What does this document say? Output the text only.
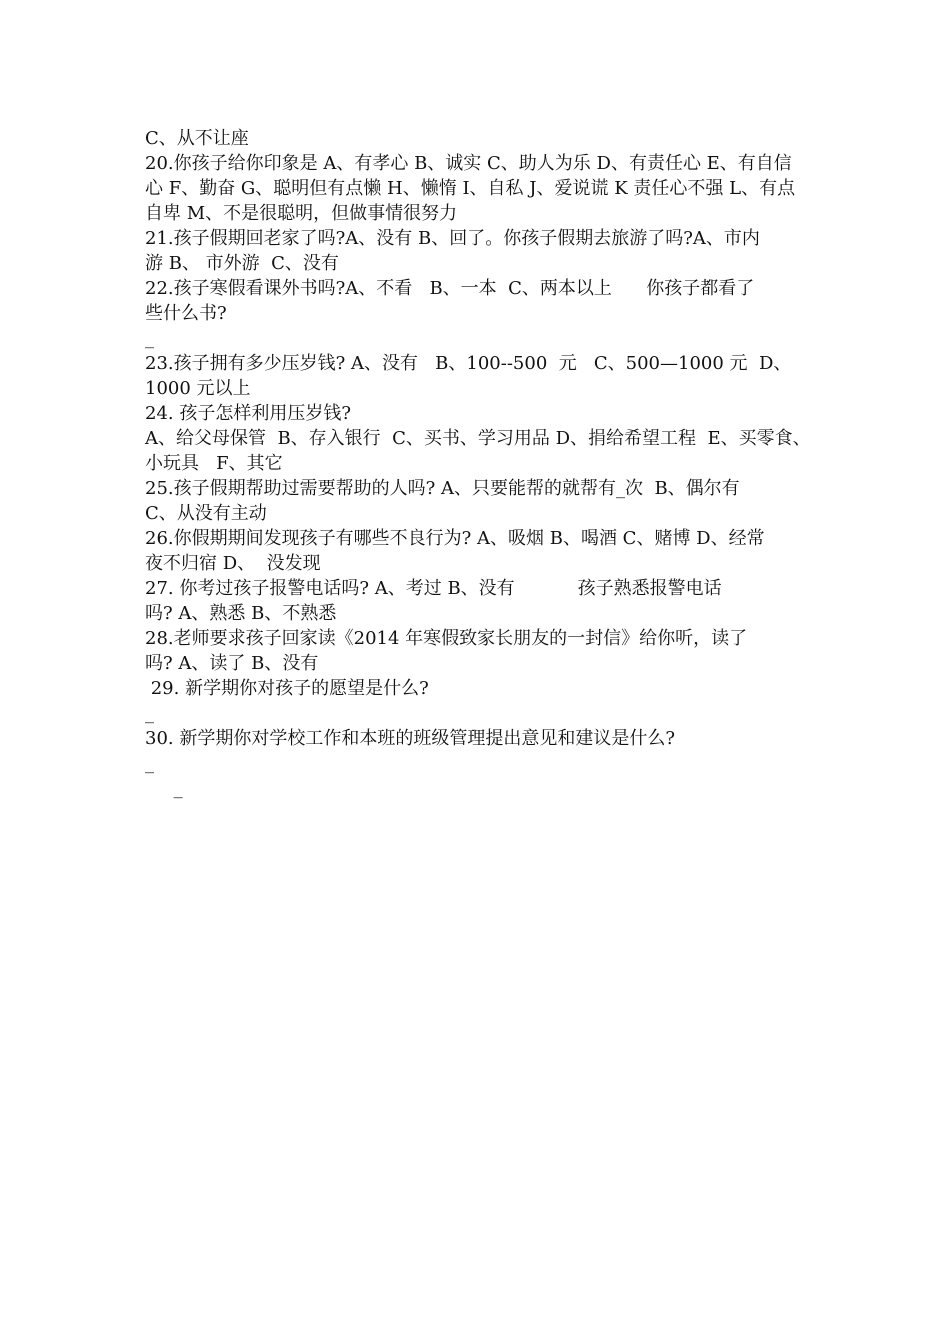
C、从不让座
20.你孩子给你印象是 A、有孝心 B、诚实 C、助人为乐 D、有责任心 E、有自信
心 F、勤奋 G、聪明但有点懒 H、懒惰 I、自私 J、爱说谎 K 责任心不强 L、有点
自卑 M、不是很聪明，但做事情很努力
21.孩子假期回老家了吗?A、没有 B、回了。你孩子假期去旅游了吗?A、市内
游 B、 市外游  C、没有
22.孩子寒假看课外书吗?A、不看   B、一本  C、两本以上      你孩子都看了
些什么书?
_
23.孩子拥有多少压岁钱? A、没有   B、100--500  元   C、500—1000 元  D、
1000 元以上
24. 孩子怎样利用压岁钱?
A、给父母保管  B、存入银行  C、买书、学习用品 D、捐给希望工程  E、买零食、
小玩具   F、其它
25.孩子假期帮助过需要帮助的人吗? A、只要能帮的就帮有_次  B、偶尔有
C、从没有主动
26.你假期期间发现孩子有哪些不良行为? A、吸烟 B、喝酒 C、赌博 D、经常
夜不归宿 D、  没发现
27. 你考过孩子报警电话吗? A、考过 B、没有           孩子熟悉报警电话
吗? A、熟悉 B、不熟悉
28.老师要求孩子回家读《2014 年寒假致家长朋友的一封信》给你听，读了
吗? A、读了 B、没有
29. 新学期你对孩子的愿望是什么?
_
30. 新学期你对学校工作和本班的班级管理提出意见和建议是什么?
_
_
